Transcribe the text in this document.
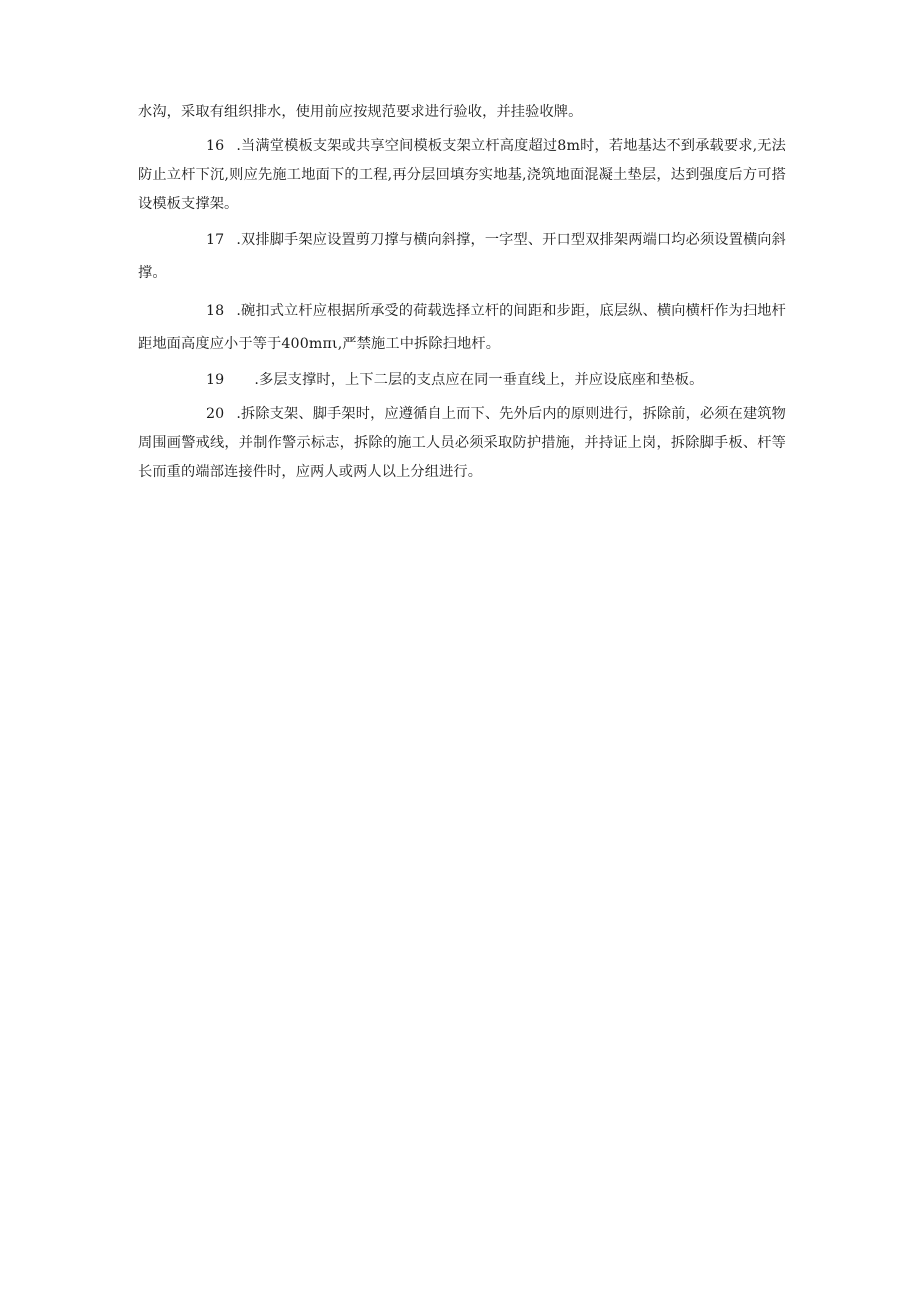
水沟，采取有组织排水，使用前应按规范要求进行验收，并挂验收牌。

16 .当满堂模板支架或共享空间模板支架立杆高度超过8m时，若地基达不到承载要求,无法防止立杆下沉,则应先施工地面下的工程,再分层回填夯实地基,浇筑地面混凝土垫层，达到强度后方可搭设模板支撑架。

17 .双排脚手架应设置剪刀撑与横向斜撑，一字型、开口型双排架两端口均必须设置横向斜撑。

18 .碗扣式立杆应根据所承受的荷载选择立杆的间距和步距，底层纵、横向横杆作为扫地杆距地面高度应小于等于400mπι,严禁施工中拆除扫地杆。

19 .多层支撑时，上下二层的支点应在同一垂直线上，并应设底座和垫板。

20 .拆除支架、脚手架时，应遵循自上而下、先外后内的原则进行，拆除前，必须在建筑物周围画警戒线，并制作警示标志，拆除的施工人员必须采取防护措施，并持证上岗，拆除脚手板、杆等长而重的端部连接件时，应两人或两人以上分组进行。
